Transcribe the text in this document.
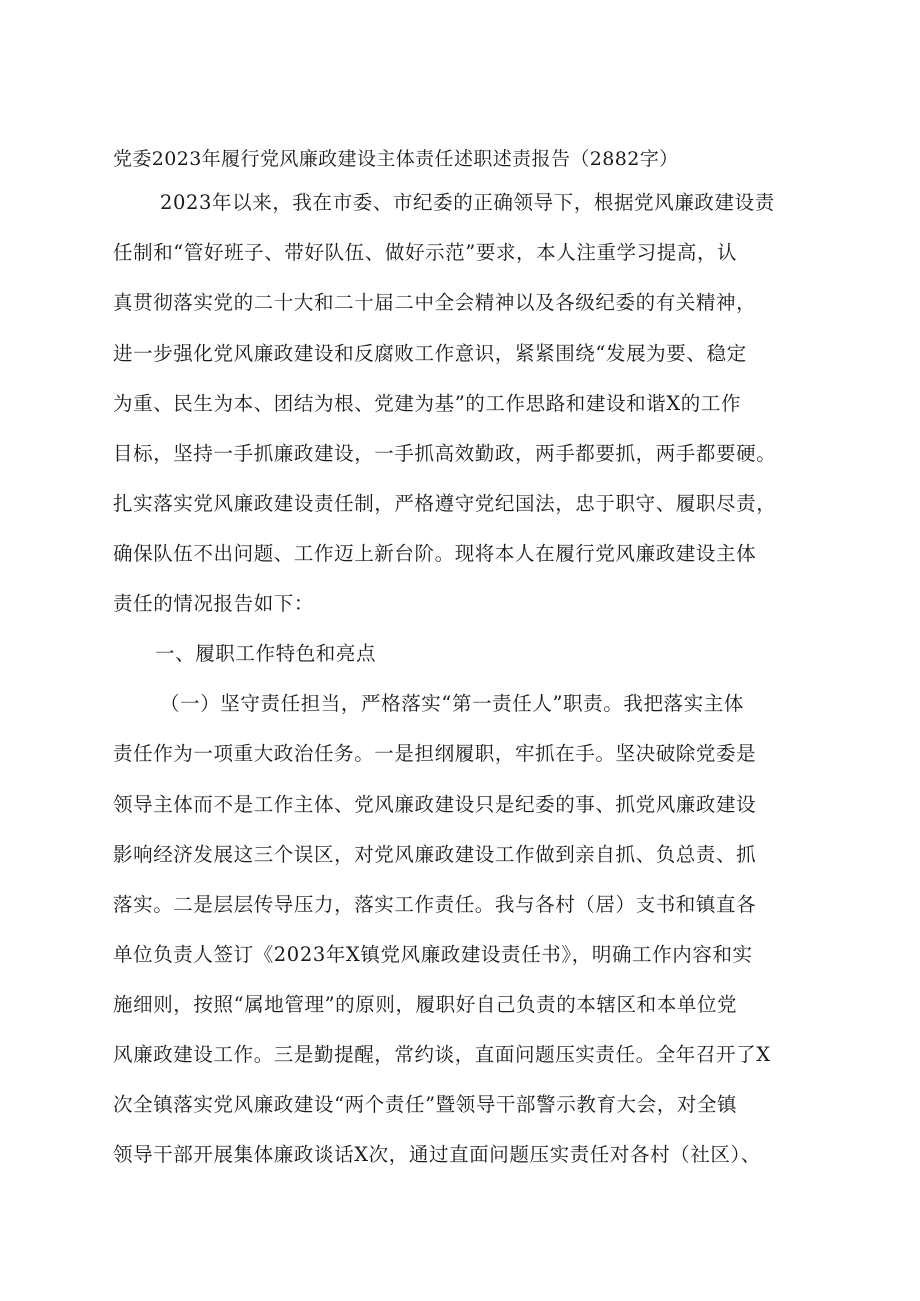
党委2023年履行党风廉政建设主体责任述职述责报告（2882字）
2023年以来，我在市委、市纪委的正确领导下，根据党风廉政建设责
任制和“管好班子、带好队伍、做好示范”要求，本人注重学习提高，认
真贯彻落实党的二十大和二十届二中全会精神以及各级纪委的有关精神，
进一步强化党风廉政建设和反腐败工作意识，紧紧围绕“发展为要、稳定
为重、民生为本、团结为根、党建为基”的工作思路和建设和谐X的工作
目标，坚持一手抓廉政建设，一手抓高效勤政，两手都要抓，两手都要硬。
扎实落实党风廉政建设责任制，严格遵守党纪国法，忠于职守、履职尽责，
确保队伍不出问题、工作迈上新台阶。现将本人在履行党风廉政建设主体
责任的情况报告如下：
一、履职工作特色和亮点
（一）坚守责任担当，严格落实“第一责任人”职责。我把落实主体
责任作为一项重大政治任务。一是担纲履职，牢抓在手。坚决破除党委是
领导主体而不是工作主体、党风廉政建设只是纪委的事、抓党风廉政建设
影响经济发展这三个误区，对党风廉政建设工作做到亲自抓、负总责、抓
落实。二是层层传导压力，落实工作责任。我与各村（居）支书和镇直各
单位负责人签订《2023年X镇党风廉政建设责任书》，明确工作内容和实
施细则，按照“属地管理”的原则，履职好自己负责的本辖区和本单位党
风廉政建设工作。三是勤提醒，常约谈，直面问题压实责任。全年召开了X
次全镇落实党风廉政建设“两个责任”暨领导干部警示教育大会，对全镇
领导干部开展集体廉政谈话X次，通过直面问题压实责任对各村（社区）、
